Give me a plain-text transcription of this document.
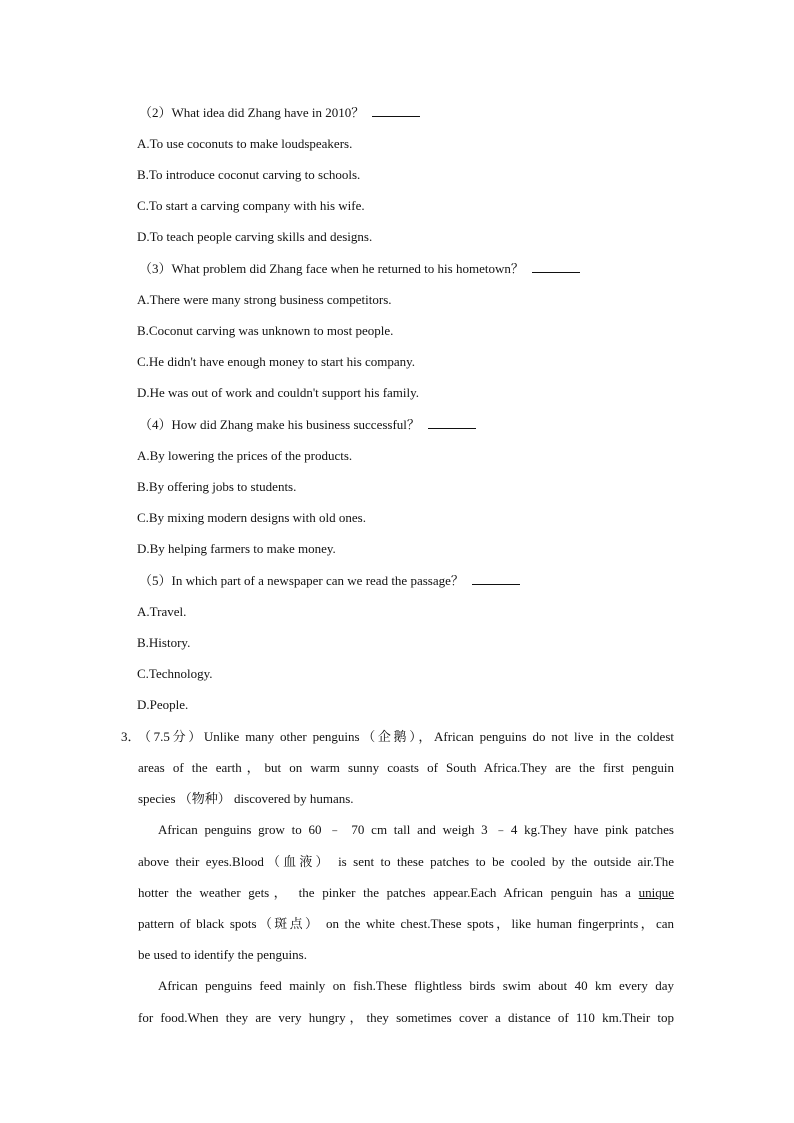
（2）What idea did Zhang have in 2010？
A.To use coconuts to make loudspeakers.
B.To introduce coconut carving to schools.
C.To start a carving company with his wife.
D.To teach people carving skills and designs.
（3）What problem did Zhang face when he returned to his hometown？
A.There were many strong business competitors.
B.Coconut carving was unknown to most people.
C.He didn't have enough money to start his company.
D.He was out of work and couldn't support his family.
（4）How did Zhang make his business successful？
A.By lowering the prices of the products.
B.By offering jobs to students.
C.By mixing modern designs with old ones.
D.By helping farmers to make money.
（5）In which part of a newspaper can we read the passage？
A.Travel.
B.History.
C.Technology.
D.People.
3．
（7.5分）Unlike many other penguins（企鹅），African penguins do not live in the coldest
areas of the earth，but on warm sunny coasts of South Africa.They are the first penguin
species （物种） discovered by humans.
African penguins grow to 60 ﹣ 70 cm tall and weigh 3 ﹣4 kg.They have pink patches
above their eyes.Blood（血液） is sent to these patches to be cooled by the outside air.The
hotter the weather gets， the pinker the patches appear.Each African penguin has a unique
pattern of black spots（斑点） on the white chest.These spots，like human fingerprints，can
be used to identify the penguins.
African penguins feed mainly on fish.These flightless birds swim about 40 km every day
for food.When they are very hungry，they sometimes cover a distance of 110 km.Their top
